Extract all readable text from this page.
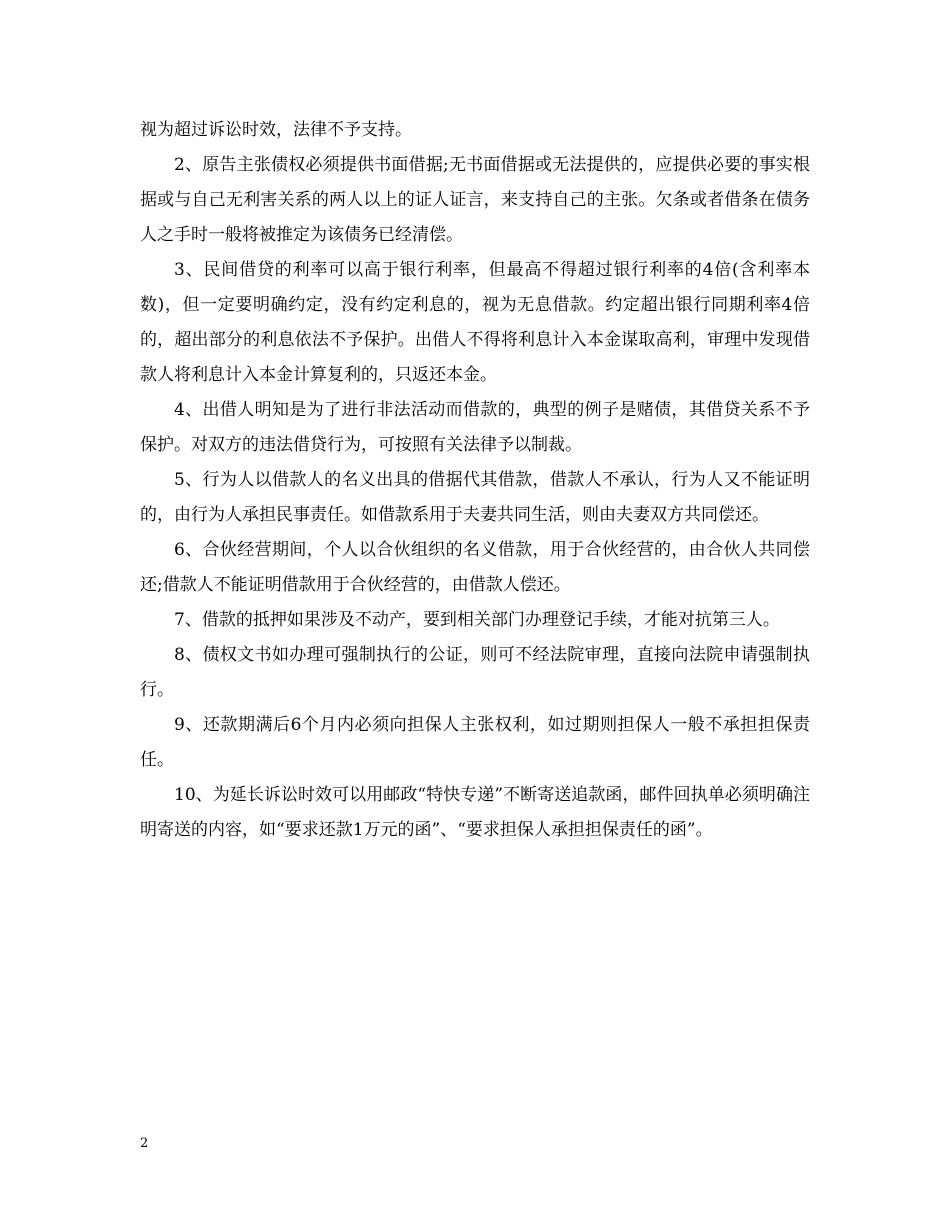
视为超过诉讼时效，法律不予支持。

2、原告主张债权必须提供书面借据;无书面借据或无法提供的，应提供必要的事实根据或与自己无利害关系的两人以上的证人证言，来支持自己的主张。欠条或者借条在债务人之手时一般将被推定为该债务已经清偿。

3、民间借贷的利率可以高于银行利率，但最高不得超过银行利率的4倍(含利率本数)，但一定要明确约定，没有约定利息的，视为无息借款。约定超出银行同期利率4倍的，超出部分的利息依法不予保护。出借人不得将利息计入本金谋取高利，审理中发现借款人将利息计入本金计算复利的，只返还本金。

4、出借人明知是为了进行非法活动而借款的，典型的例子是赌债，其借贷关系不予保护。对双方的违法借贷行为，可按照有关法律予以制裁。

5、行为人以借款人的名义出具的借据代其借款，借款人不承认，行为人又不能证明的，由行为人承担民事责任。如借款系用于夫妻共同生活，则由夫妻双方共同偿还。

6、合伙经营期间，个人以合伙组织的名义借款，用于合伙经营的，由合伙人共同偿还;借款人不能证明借款用于合伙经营的，由借款人偿还。

7、借款的抵押如果涉及不动产，要到相关部门办理登记手续，才能对抗第三人。

8、债权文书如办理可强制执行的公证，则可不经法院审理，直接向法院申请强制执行。

9、还款期满后6个月内必须向担保人主张权利，如过期则担保人一般不承担担保责任。

10、为延长诉讼时效可以用邮政“特快专递”不断寄送追款函，邮件回执单必须明确注明寄送的内容，如“要求还款1万元的函”、“要求担保人承担担保责任的函”。

2
